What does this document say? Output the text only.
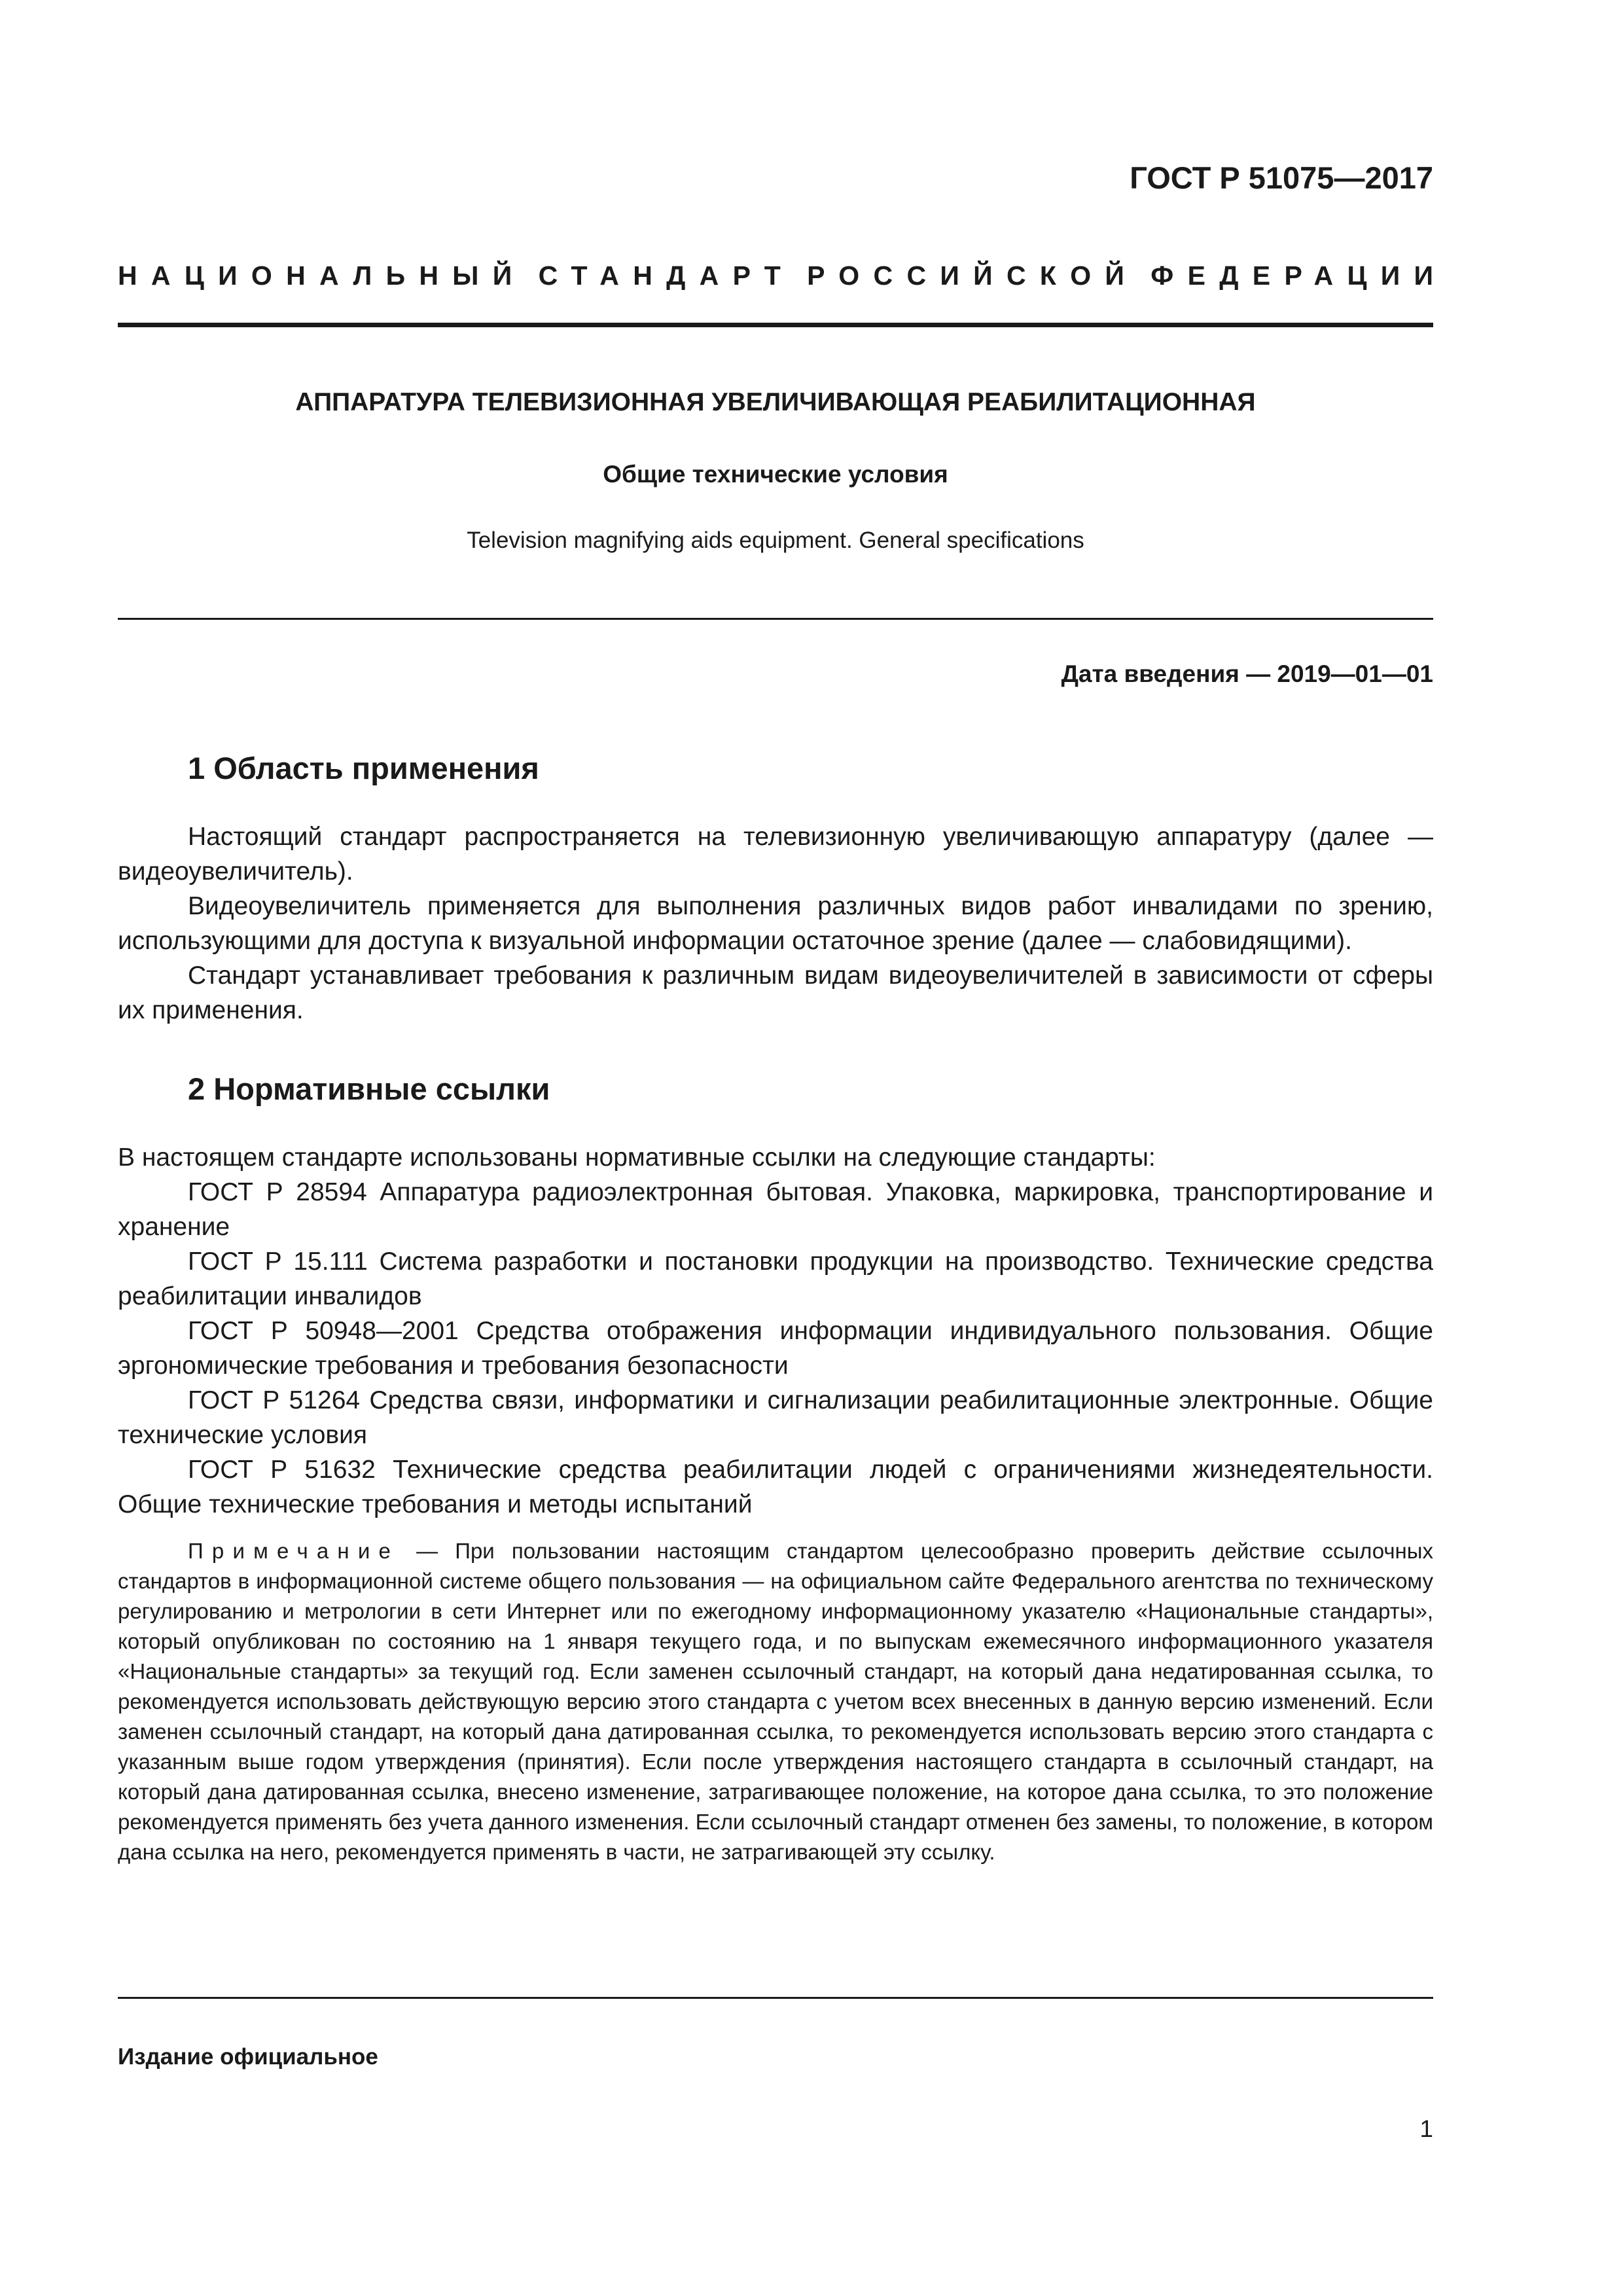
ГОСТ Р 51075—2017
НАЦИОНАЛЬНЫЙ СТАНДАРТ РОССИЙСКОЙ ФЕДЕРАЦИИ
АППАРАТУРА ТЕЛЕВИЗИОННАЯ УВЕЛИЧИВАЮЩАЯ РЕАБИЛИТАЦИОННАЯ
Общие технические условия
Television magnifying aids equipment. General specifications
Дата введения — 2019—01—01
1 Область применения

Настоящий стандарт распространяется на телевизионную увеличивающую аппаратуру (далее — видеоувеличитель).

Видеоувеличитель применяется для выполнения различных видов работ инвалидами по зрению, использующими для доступа к визуальной информации остаточное зрение (далее — слабовидящими).

Стандарт устанавливает требования к различным видам видеоувеличителей в зависимости от сферы их применения.

2 Нормативные ссылки

В настоящем стандарте использованы нормативные ссылки на следующие стандарты:

ГОСТ Р 28594 Аппаратура радиоэлектронная бытовая. Упаковка, маркировка, транспортирование и хранение

ГОСТ Р 15.111 Система разработки и постановки продукции на производство. Технические средства реабилитации инвалидов

ГОСТ Р 50948—2001 Средства отображения информации индивидуального пользования. Общие эргономические требования и требования безопасности

ГОСТ Р 51264 Средства связи, информатики и сигнализации реабилитационные электронные. Общие технические условия

ГОСТ Р 51632 Технические средства реабилитации людей с ограничениями жизнедеятельности. Общие технические требования и методы испытаний

Примечание — При пользовании настоящим стандартом целесообразно проверить действие ссылочных стандартов в информационной системе общего пользования — на официальном сайте Федерального агентства по техническому регулированию и метрологии в сети Интернет или по ежегодному информационному указателю «Национальные стандарты», который опубликован по состоянию на 1 января текущего года, и по выпускам ежемесячного информационного указателя «Национальные стандарты» за текущий год. Если заменен ссылочный стандарт, на который дана недатированная ссылка, то рекомендуется использовать действующую версию этого стандарта с учетом всех внесенных в данную версию изменений. Если заменен ссылочный стандарт, на который дана датированная ссылка, то рекомендуется использовать версию этого стандарта с указанным выше годом утверждения (принятия). Если после утверждения настоящего стандарта в ссылочный стандарт, на который дана датированная ссылка, внесено изменение, затрагивающее положение, на которое дана ссылка, то это положение рекомендуется применять без учета данного изменения. Если ссылочный стандарт отменен без замены, то положение, в котором дана ссылка на него, рекомендуется применять в части, не затрагивающей эту ссылку.

Издание официальное
1
